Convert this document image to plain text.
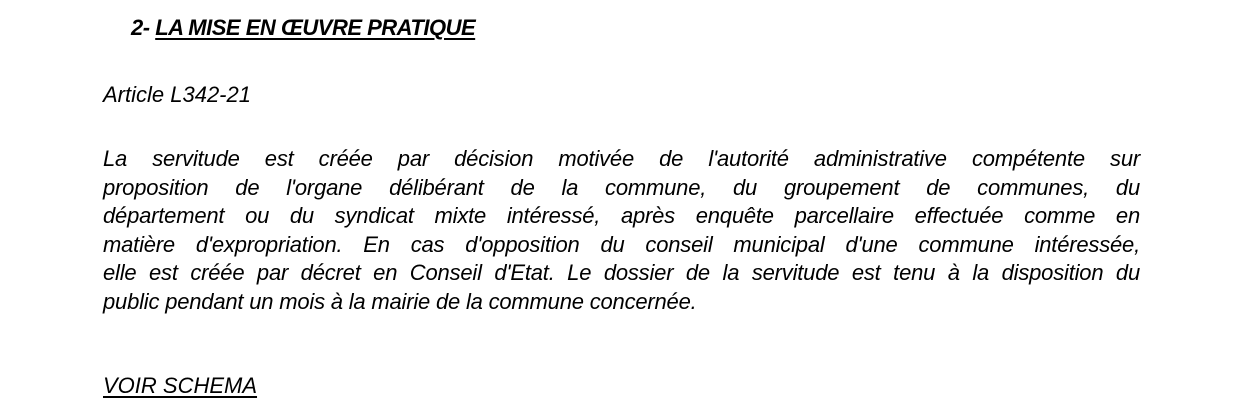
2- LA MISE EN ŒUVRE PRATIQUE
Article L342-21

La servitude est créée par décision motivée de l'autorité administrative compétente sur
proposition de l'organe délibérant de la commune, du groupement de communes, du
département ou du syndicat mixte intéressé, après enquête parcellaire effectuée comme en
matière d'expropriation. En cas d'opposition du conseil municipal d'une commune intéressée,
elle est créée par décret en Conseil d'Etat. Le dossier de la servitude est tenu à la disposition du
public pendant un mois à la mairie de la commune concernée.

VOIR SCHEMA
